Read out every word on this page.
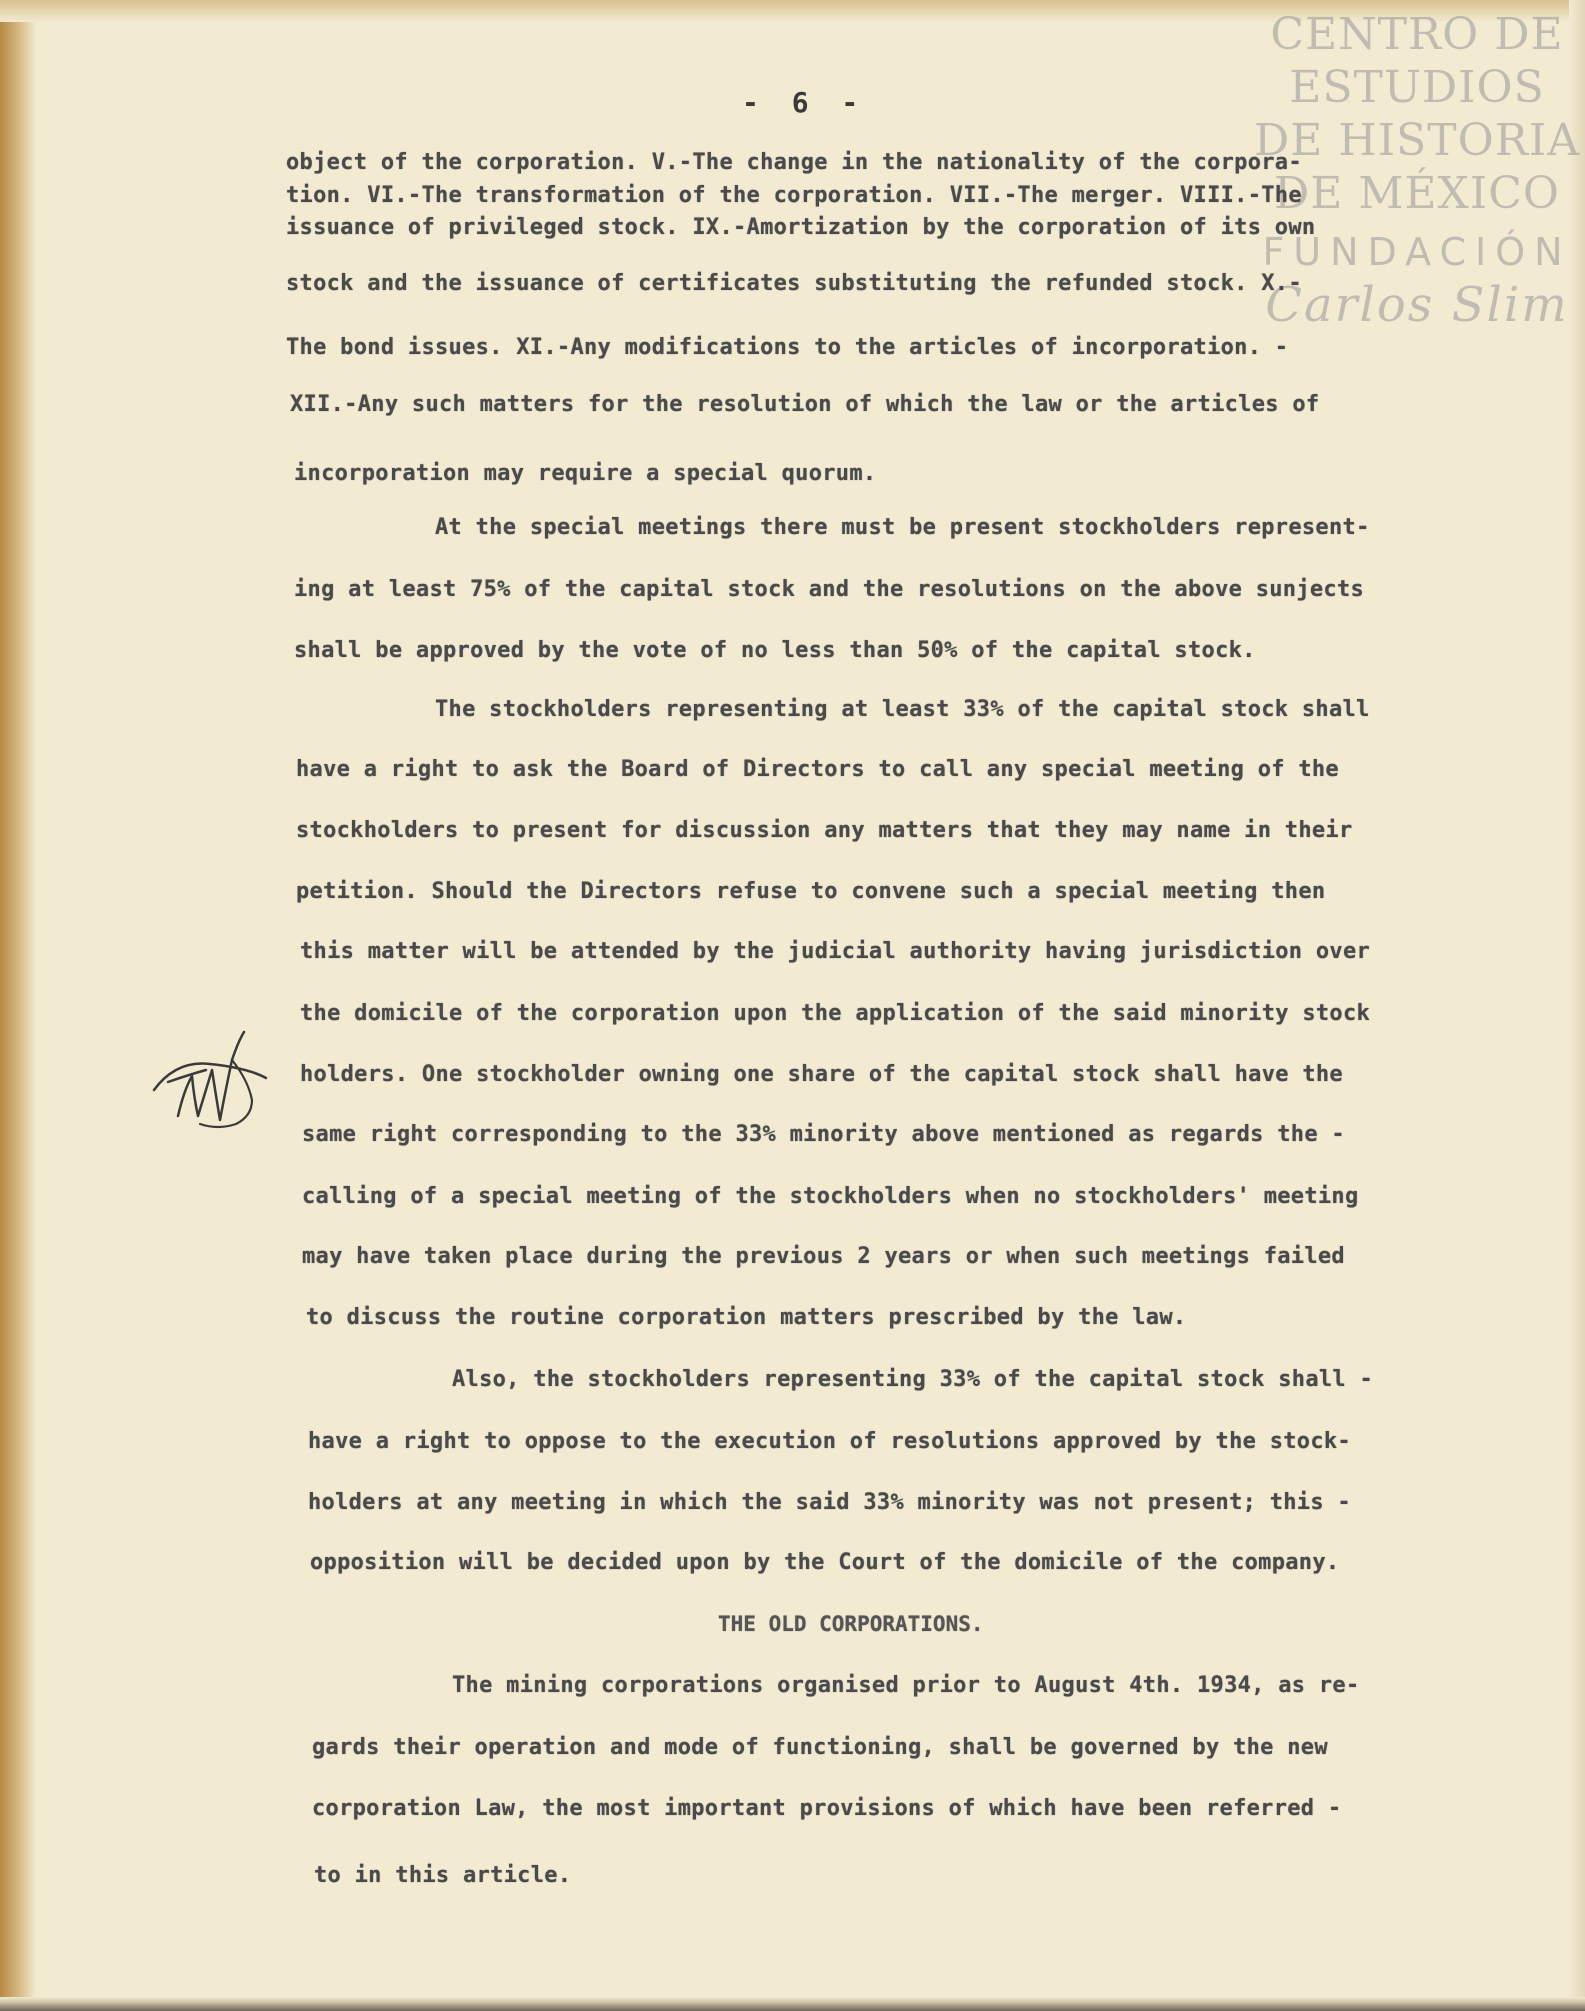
CENTRO DE
ESTUDIOS
DE HISTORIA
DE MÉXICO
FUNDACIÓN
Carlos Slim
- 6 -
object of the corporation. V.-The change in the nationality of the corpora-
tion. VI.-The transformation of the corporation. VII.-The merger. VIII.-The
issuance of privileged stock. IX.-Amortization by the corporation of its own
stock and the issuance of certificates substituting the refunded stock. X.-
The bond issues. XI.-Any modifications to the articles of incorporation. -
XII.-Any such matters for the resolution of which the law or the articles of
incorporation may require a special quorum.
At the special meetings there must be present stockholders represent-
ing at least 75% of the capital stock and the resolutions on the above sunjects
shall be approved by the vote of no less than 50% of the capital stock.
The stockholders representing at least 33% of the capital stock shall
have a right to ask the Board of Directors to call any special meeting of the
stockholders to present for discussion any matters that they may name in their
petition. Should the Directors refuse to convene such a special meeting then
this matter will be attended by the judicial authority having jurisdiction over
the domicile of the corporation upon the application of the said minority stock
holders. One stockholder owning one share of the capital stock shall have the
same right corresponding to the 33% minority above mentioned as regards the -
calling of a special meeting of the stockholders when no stockholders' meeting
may have taken place during the previous 2 years or when such meetings failed
to discuss the routine corporation matters prescribed by the law.
Also, the stockholders representing 33% of the capital stock shall -
have a right to oppose to the execution of resolutions approved by the stock-
holders at any meeting in which the said 33% minority was not present; this -
opposition will be decided upon by the Court of the domicile of the company.
THE OLD CORPORATIONS.
The mining corporations organised prior to August 4th. 1934, as re-
gards their operation and mode of functioning, shall be governed by the new
corporation Law, the most important provisions of which have been referred -
to in this article.
